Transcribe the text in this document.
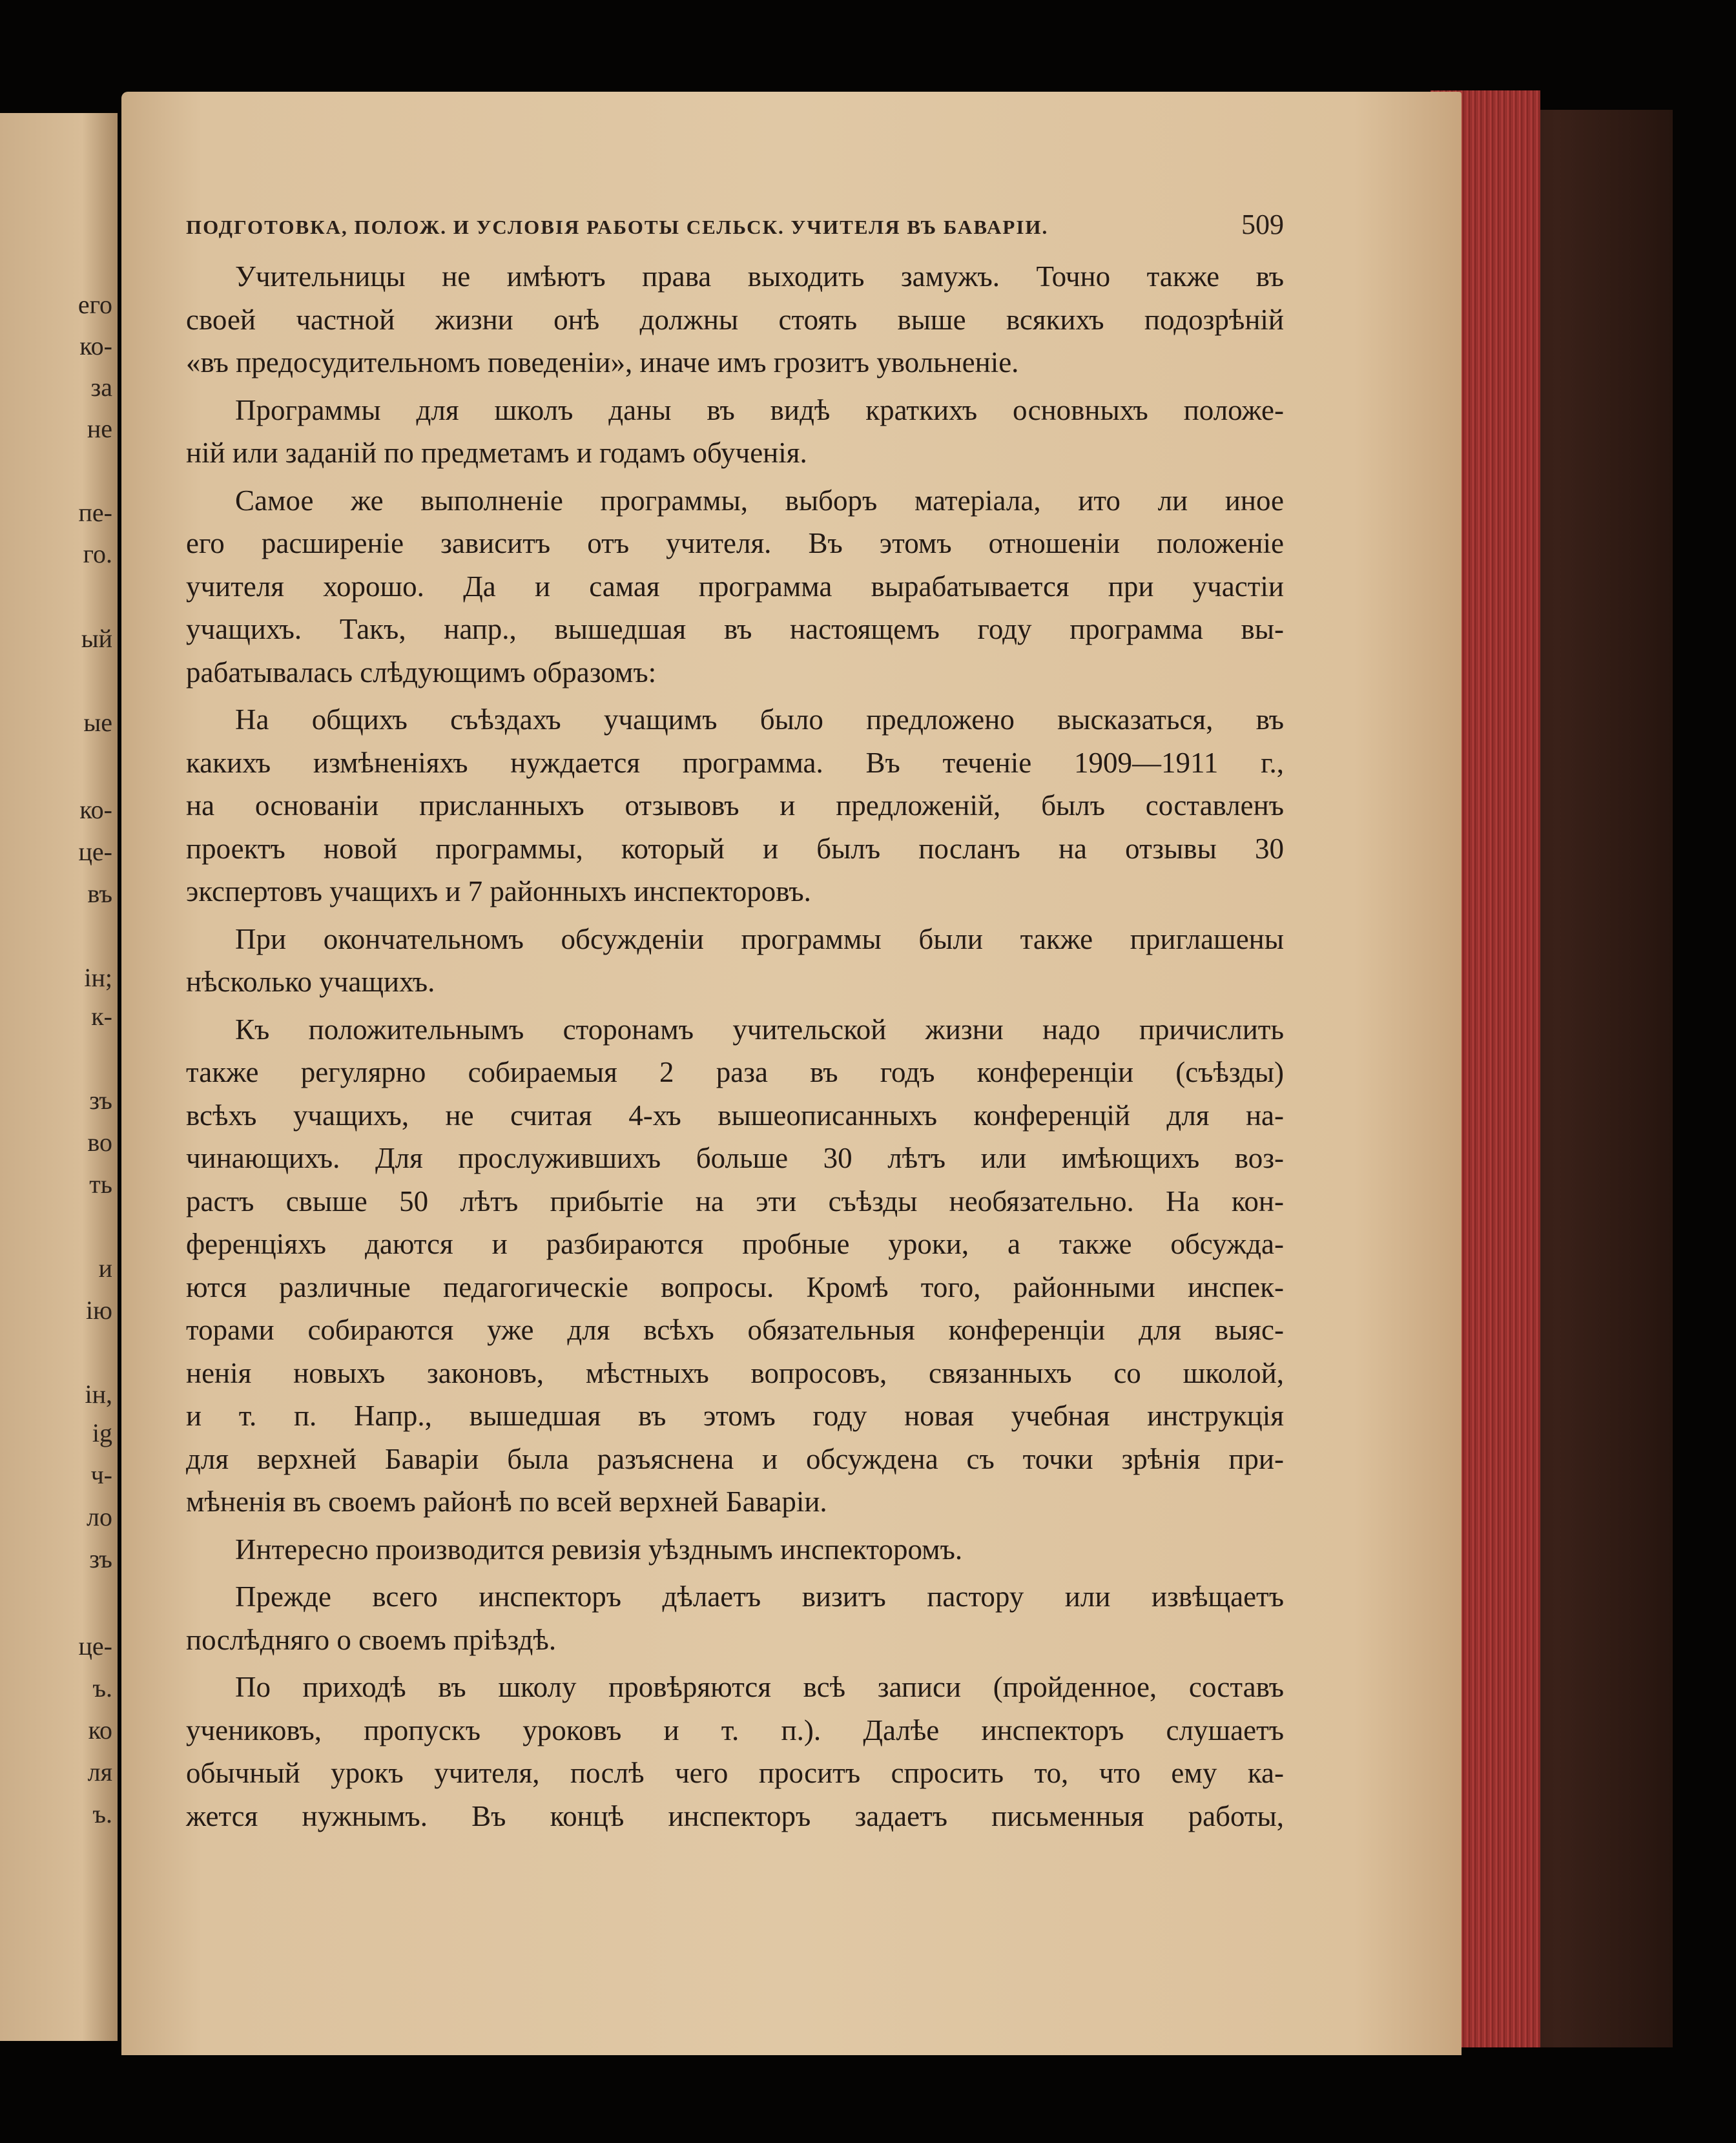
его
ко-
за
не
пе-
го.
ый
ые
ко-
це-
въ
ін;
к-
зъ
во
ть
и
ію
ін,
ig
ч-
ло
зъ
це-
ъ.
ко
ля
ъ.
ПОДГОТОВКА, ПОЛОЖ. И УСЛОВІЯ РАБОТЫ СЕЛЬСК. УЧИТЕЛЯ ВЪ БАВАРІИ.	509
Учительницы не имѣютъ права выходить замужъ. Точно также въ
своей частной жизни онѣ должны стоять выше всякихъ подозрѣній
«въ предосудительномъ поведеніи», иначе имъ грозитъ увольненіе.
Программы для школъ даны въ видѣ краткихъ основныхъ положе-
ній или заданій по предметамъ и годамъ обученія.
Самое же выполненіе программы, выборъ матеріала, ито ли иное
его расширеніе зависитъ отъ учителя. Въ этомъ отношеніи положеніе
учителя хорошо. Да и самая программа вырабатывается при участіи
учащихъ. Такъ, напр., вышедшая въ настоящемъ году программа вы-
рабатывалась слѣдующимъ образомъ:
На общихъ съѣздахъ учащимъ было предложено высказаться, въ
какихъ измѣненіяхъ нуждается программа. Въ теченіе 1909—1911 г.,
на основаніи присланныхъ отзывовъ и предложеній, былъ составленъ
проектъ новой программы, который и былъ посланъ на отзывы 30
экспертовъ учащихъ и 7 районныхъ инспекторовъ.
При окончательномъ обсужденіи программы были также приглашены
нѣсколько учащихъ.
Къ положительнымъ сторонамъ учительской жизни надо причислить
также регулярно собираемыя 2 раза въ годъ конференціи (съѣзды)
всѣхъ учащихъ, не считая 4-хъ вышеописанныхъ конференцій для на-
чинающихъ. Для прослужившихъ больше 30 лѣтъ или имѣющихъ воз-
растъ свыше 50 лѣтъ прибытіе на эти съѣзды необязательно. На кон-
ференціяхъ даются и разбираются пробные уроки, а также обсужда-
ются различные педагогическіе вопросы. Кромѣ того, районными инспек-
торами собираются уже для всѣхъ обязательныя конференціи для выяс-
ненія новыхъ законовъ, мѣстныхъ вопросовъ, связанныхъ со школой,
и т. п. Напр., вышедшая въ этомъ году новая учебная инструкція
для верхней Баваріи была разъяснена и обсуждена съ точки зрѣнія при-
мѣненія въ своемъ районѣ по всей верхней Баваріи.
Интересно производится ревизія уѣзднымъ инспекторомъ.
Прежде всего инспекторъ дѣлаетъ визитъ пастору или извѣщаетъ
послѣдняго о своемъ пріѣздѣ.
По приходѣ въ школу провѣряются всѣ записи (пройденное, составъ
учениковъ, пропускъ уроковъ и т. п.). Далѣе инспекторъ слушаетъ
обычный урокъ учителя, послѣ чего проситъ спросить то, что ему ка-
жется нужнымъ. Въ концѣ инспекторъ задаетъ письменныя работы,
